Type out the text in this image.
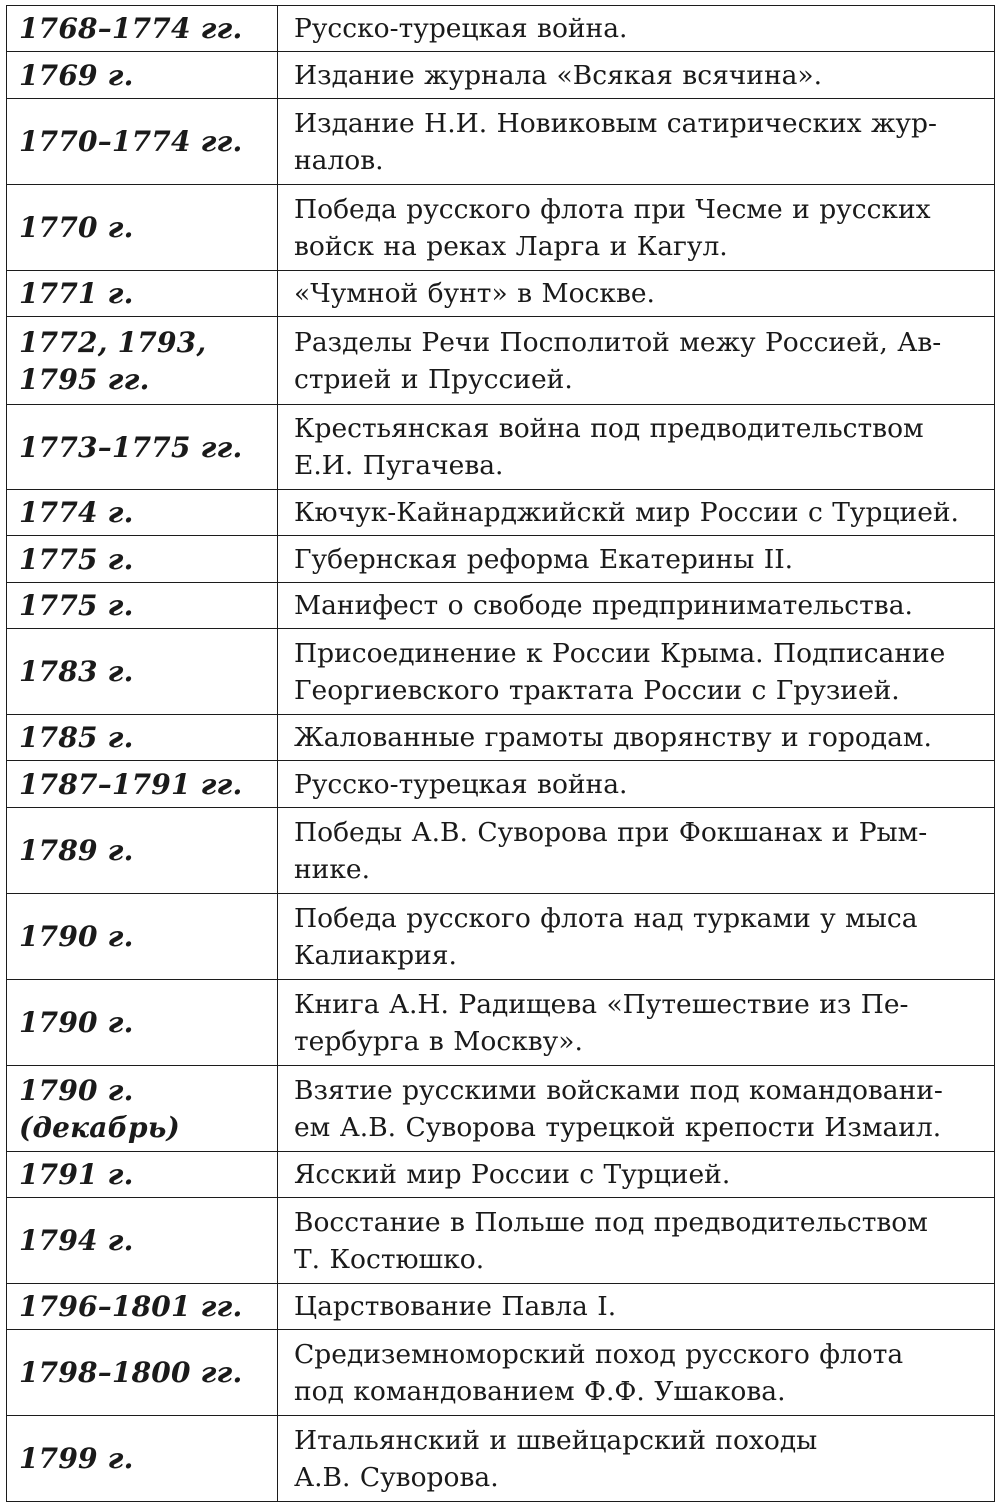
1768–1774 гг.	Русско-турецкая война.
1769 г.	Издание журнала «Всякая всячина».
1770–1774 гг.	Издание Н.И. Новиковым сатирических жур-
налов.
1770 г.	Победа русского флота при Чесме и русских
войск на реках Ларга и Кагул.
1771 г.	«Чумной бунт» в Москве.
1772, 1793,
1795 гг.	Разделы Речи Посполитой межу Россией, Ав-
стрией и Пруссией.
1773–1775 гг.	Крестьянская война под предводительством
Е.И. Пугачева.
1774 г.	Кючук-Кайнарджийскй мир России с Турцией.
1775 г.	Губернская реформа Екатерины II.
1775 г.	Манифест о свободе предпринимательства.
1783 г.	Присоединение к России Крыма. Подписание
Георгиевского трактата России с Грузией.
1785 г.	Жалованные грамоты дворянству и городам.
1787–1791 гг.	Русско-турецкая война.
1789 г.	Победы А.В. Суворова при Фокшанах и Рым-
нике.
1790 г.	Победа русского флота над турками у мыса
Калиакрия.
1790 г.	Книга А.Н. Радищева «Путешествие из Пе-
тербурга в Москву».
1790 г.
(декабрь)	Взятие русскими войсками под командовани-
ем А.В. Суворова турецкой крепости Измаил.
1791 г.	Ясский мир России с Турцией.
1794 г.	Восстание в Польше под предводительством
Т. Костюшко.
1796–1801 гг.	Царствование Павла I.
1798–1800 гг.	Средиземноморский поход русского флота
под командованием Ф.Ф. Ушакова.
1799 г.	Итальянский и швейцарский походы
А.В. Суворова.
